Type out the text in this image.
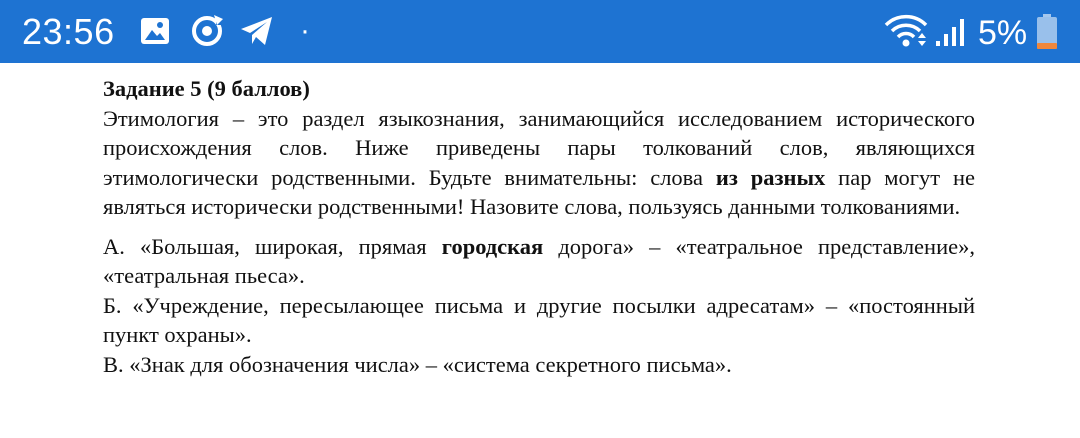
23:56	·	5%

Задание 5 (9 баллов)

Этимология – это раздел языкознания, занимающийся исследованием исторического происхождения слов. Ниже приведены пары толкований слов, являющихся этимологически родственными. Будьте внимательны: слова из разных пар могут не являться исторически родственными! Назовите слова, пользуясь данными толкованиями.

А. «Большая, широкая, прямая городская дорога» – «театральное представление», «театральная пьеса».

Б. «Учреждение, пересылающее письма и другие посылки адресатам» – «постоянный пункт охраны».

В. «Знак для обозначения числа» – «система секретного письма».
